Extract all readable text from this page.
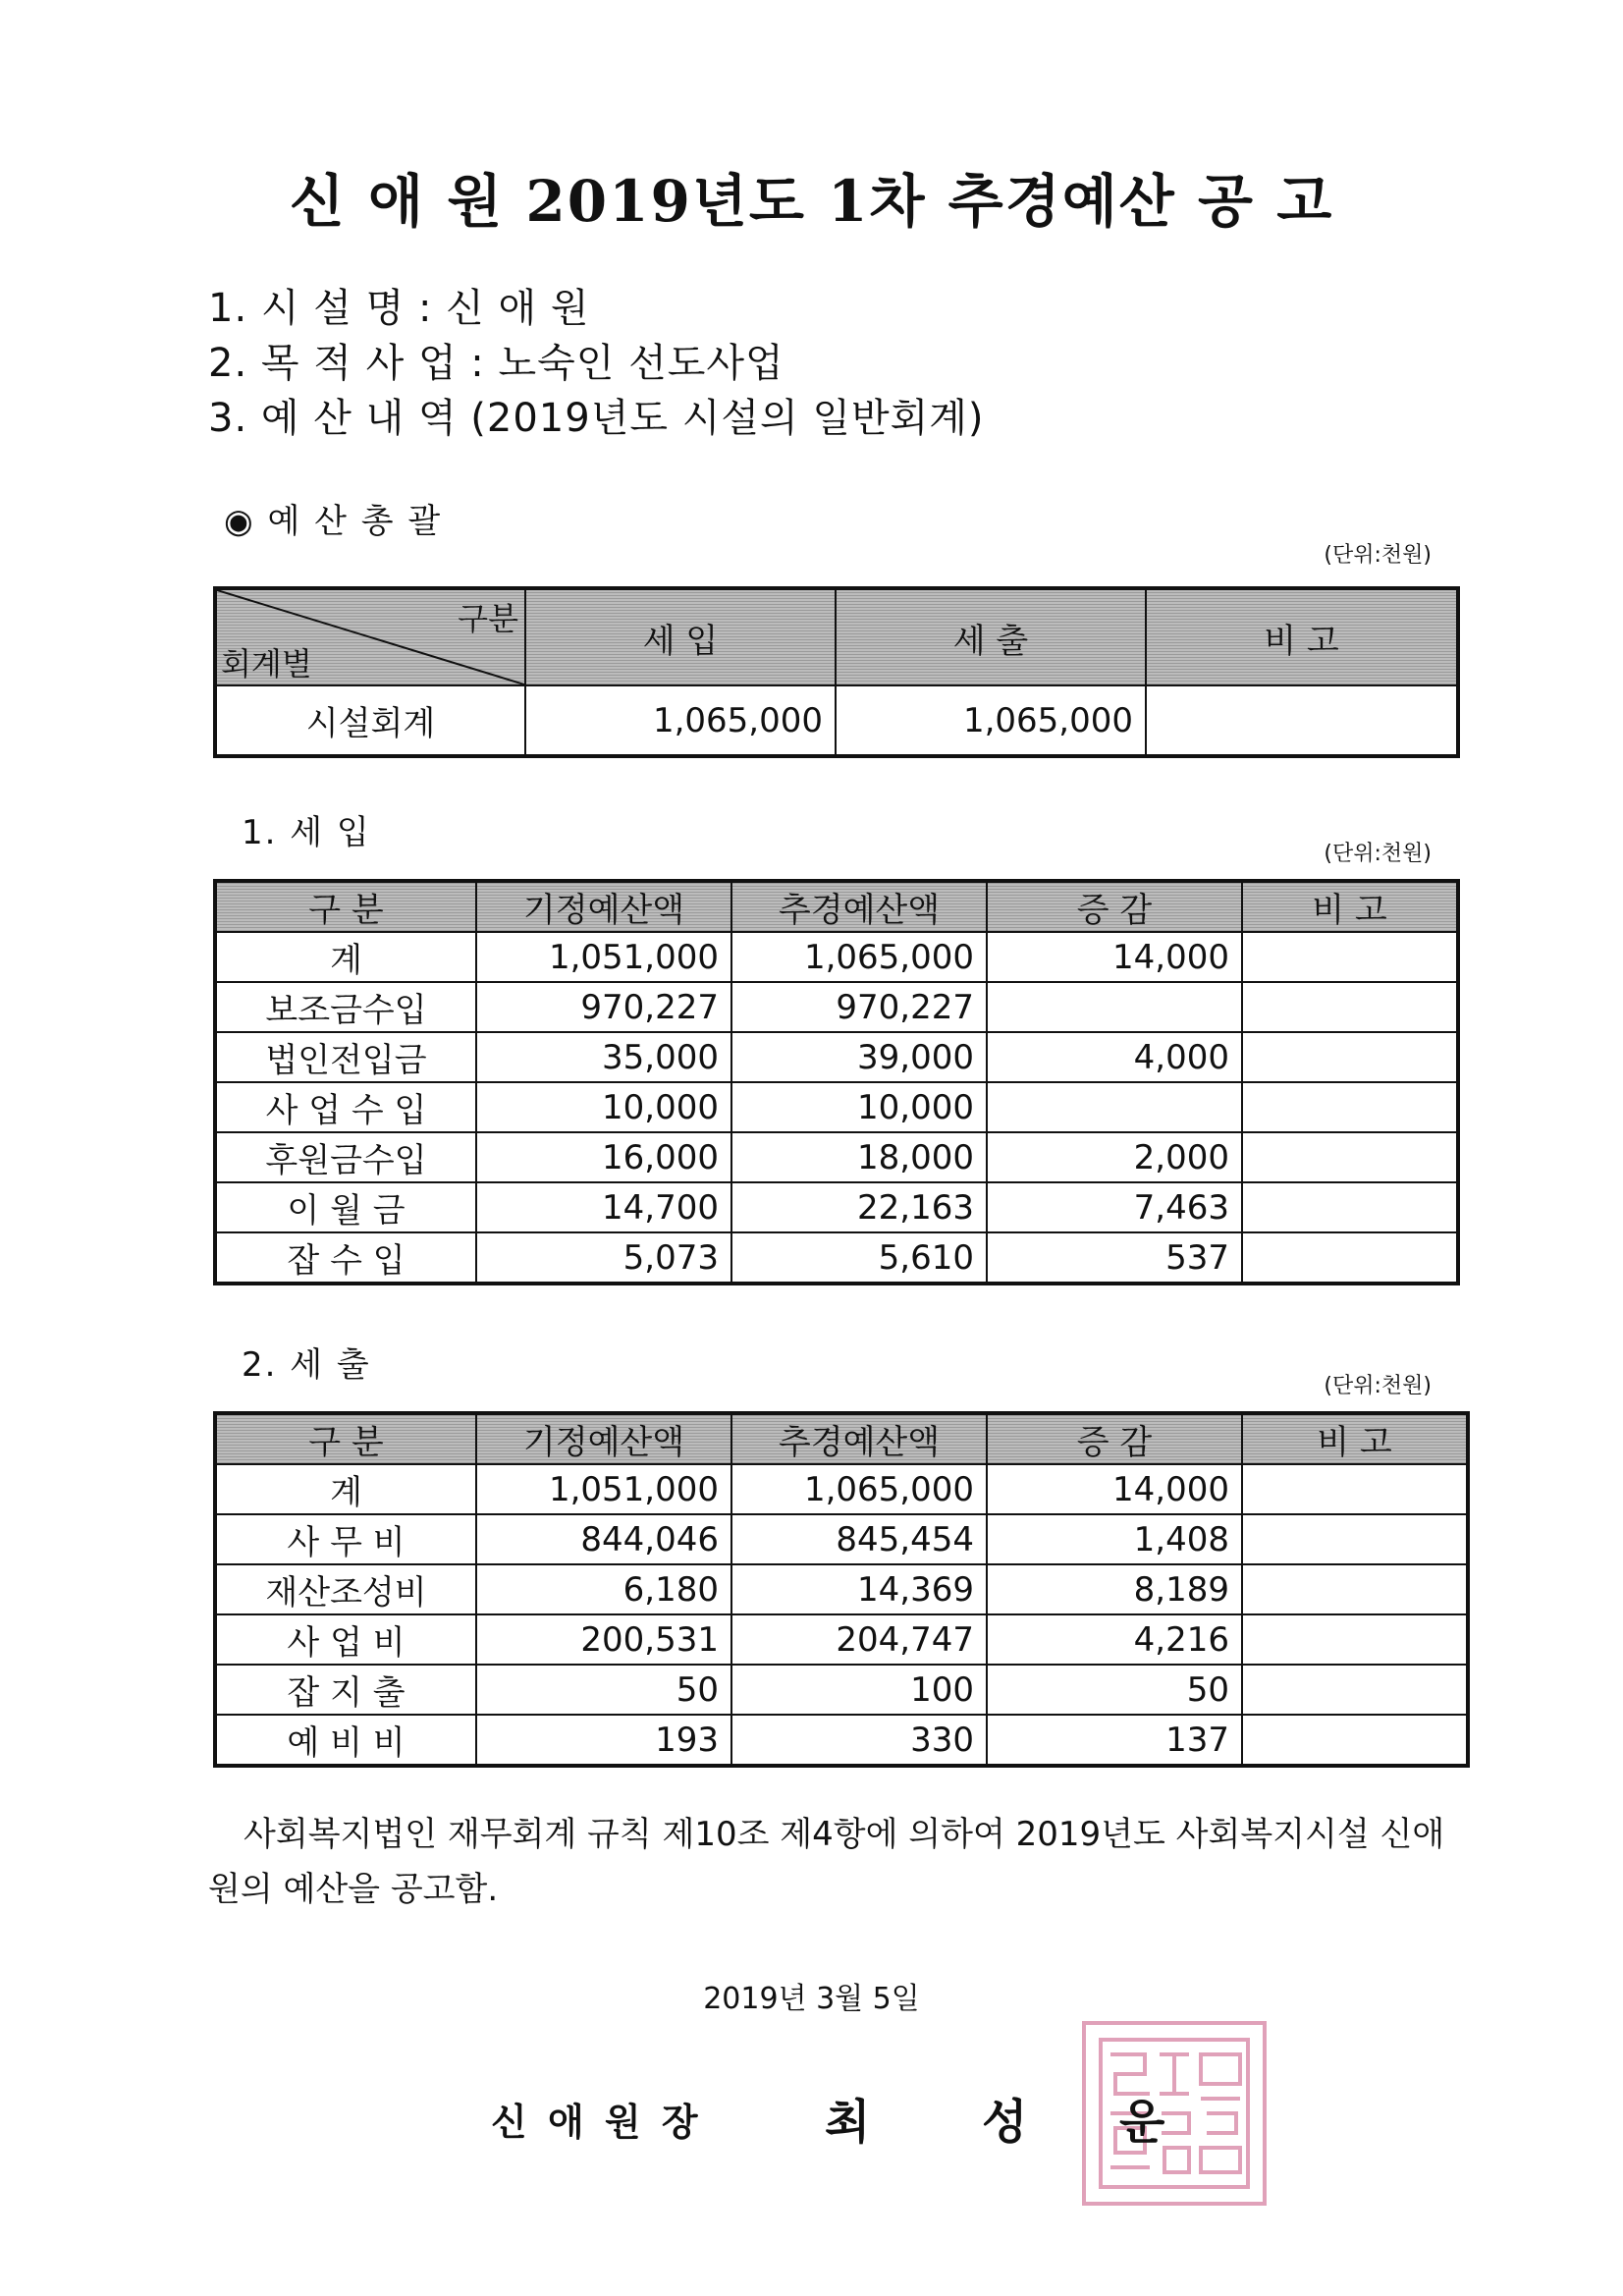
신 애 원 2019년도 1차 추경예산 공 고
1. 시 설 명 : 신 애 원
2. 목 적 사 업 : 노숙인 선도사업
3. 예 산 내 역 (2019년도 시설의 일반회계)
◉ 예 산 총 괄
(단위:천원)
구분
회계별	세 입	세 출	비 고
시설회계	1,065,000	1,065,000	
1. 세 입
(단위:천원)
구 분	기정예산액	추경예산액	증 감	비 고
계	1,051,000	1,065,000	14,000	
보조금수입	970,227	970,227		
법인전입금	35,000	39,000	4,000	
사 업 수 입	10,000	10,000		
후원금수입	16,000	18,000	2,000	
이 월 금	14,700	22,163	7,463	
잡 수 입	5,073	5,610	537	
2. 세 출
(단위:천원)
구 분	기정예산액	추경예산액	증 감	비 고
계	1,051,000	1,065,000	14,000	
사 무 비	844,046	845,454	1,408	
재산조성비	6,180	14,369	8,189	
사 업 비	200,531	204,747	4,216	
잡 지 출	50	100	50	
예 비 비	193	330	137	
사회복지법인 재무회계 규칙 제10조 제4항에 의하여 2019년도 사회복지시설 신애원의 예산을 공고함.
2019년 3월 5일
신 애 원 장	최 성 운
